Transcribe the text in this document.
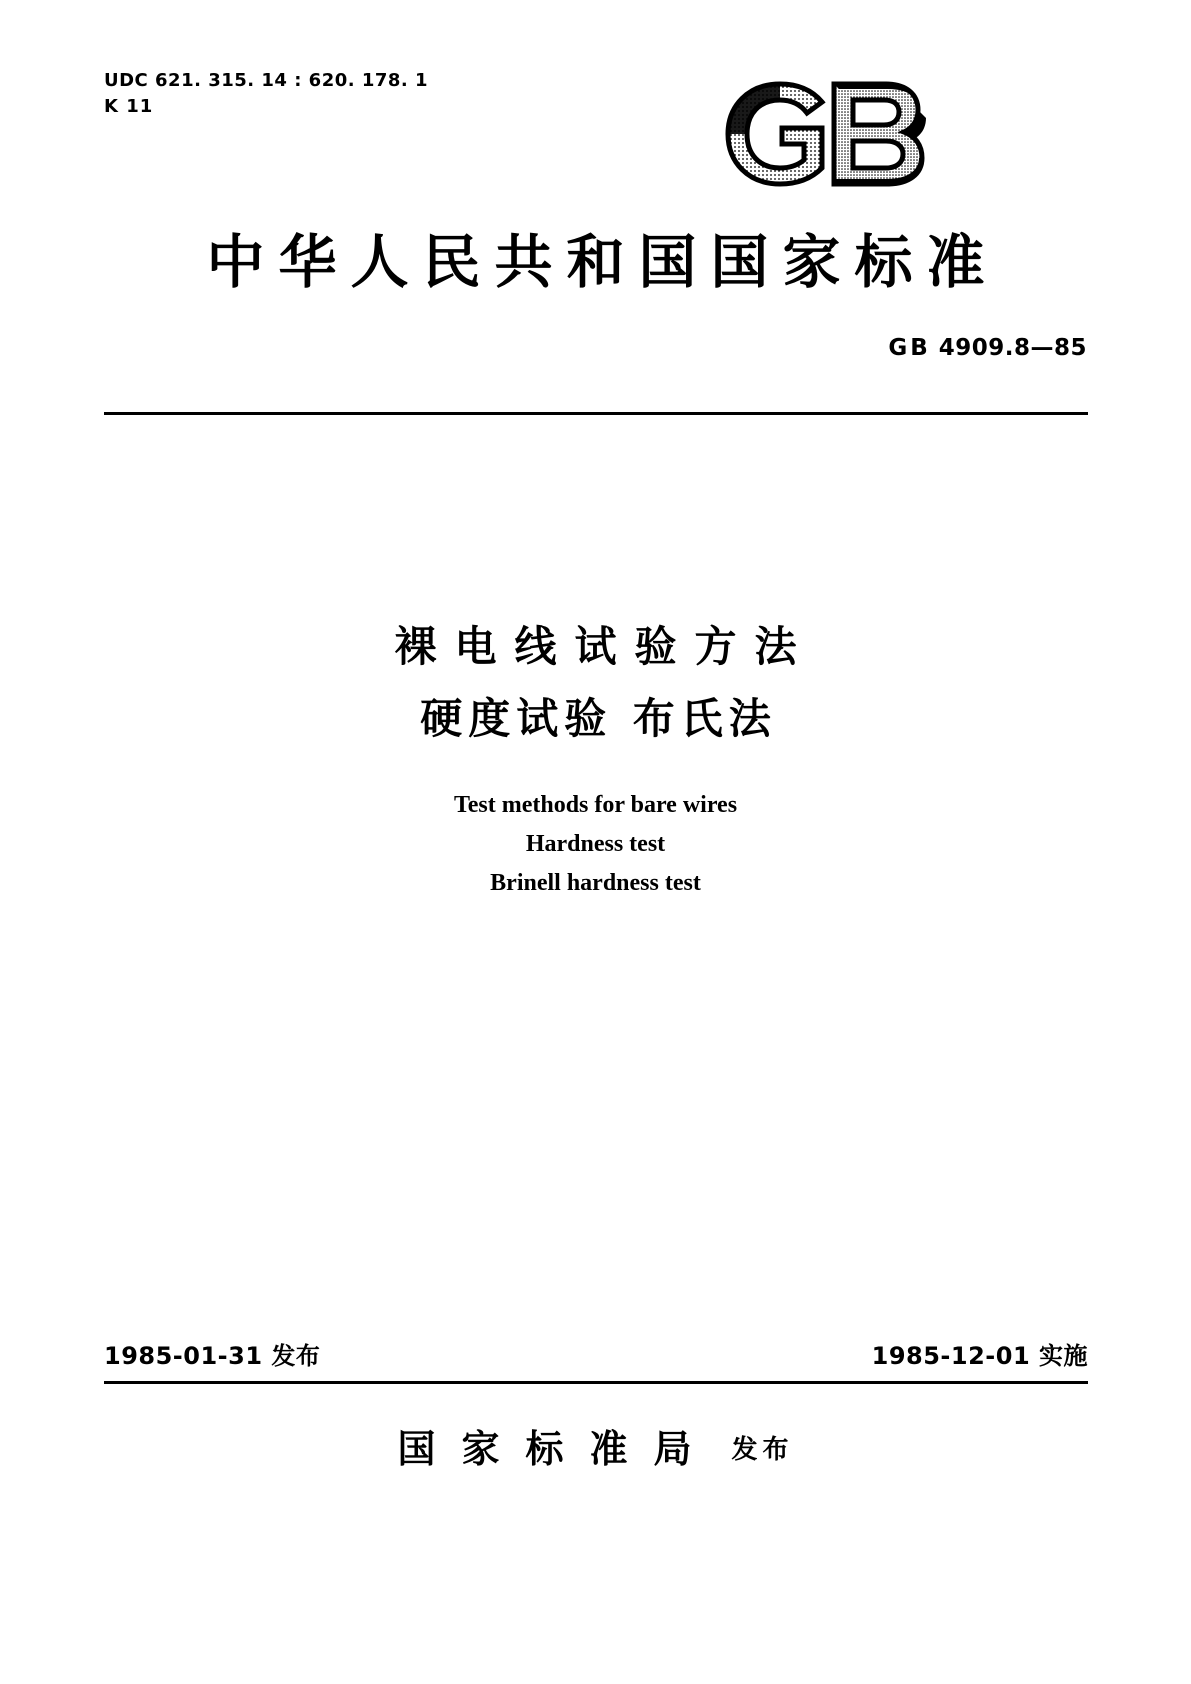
UDC 621. 315. 14 : 620. 178. 1
K 11
中华人民共和国国家标准
GB 4909.8—85
裸电线试验方法
硬度试验 布氏法
Test methods for bare wires
Hardness test
Brinell hardness test
1985-01-31 发布	1985-12-01 实施
国家标准局 发布
